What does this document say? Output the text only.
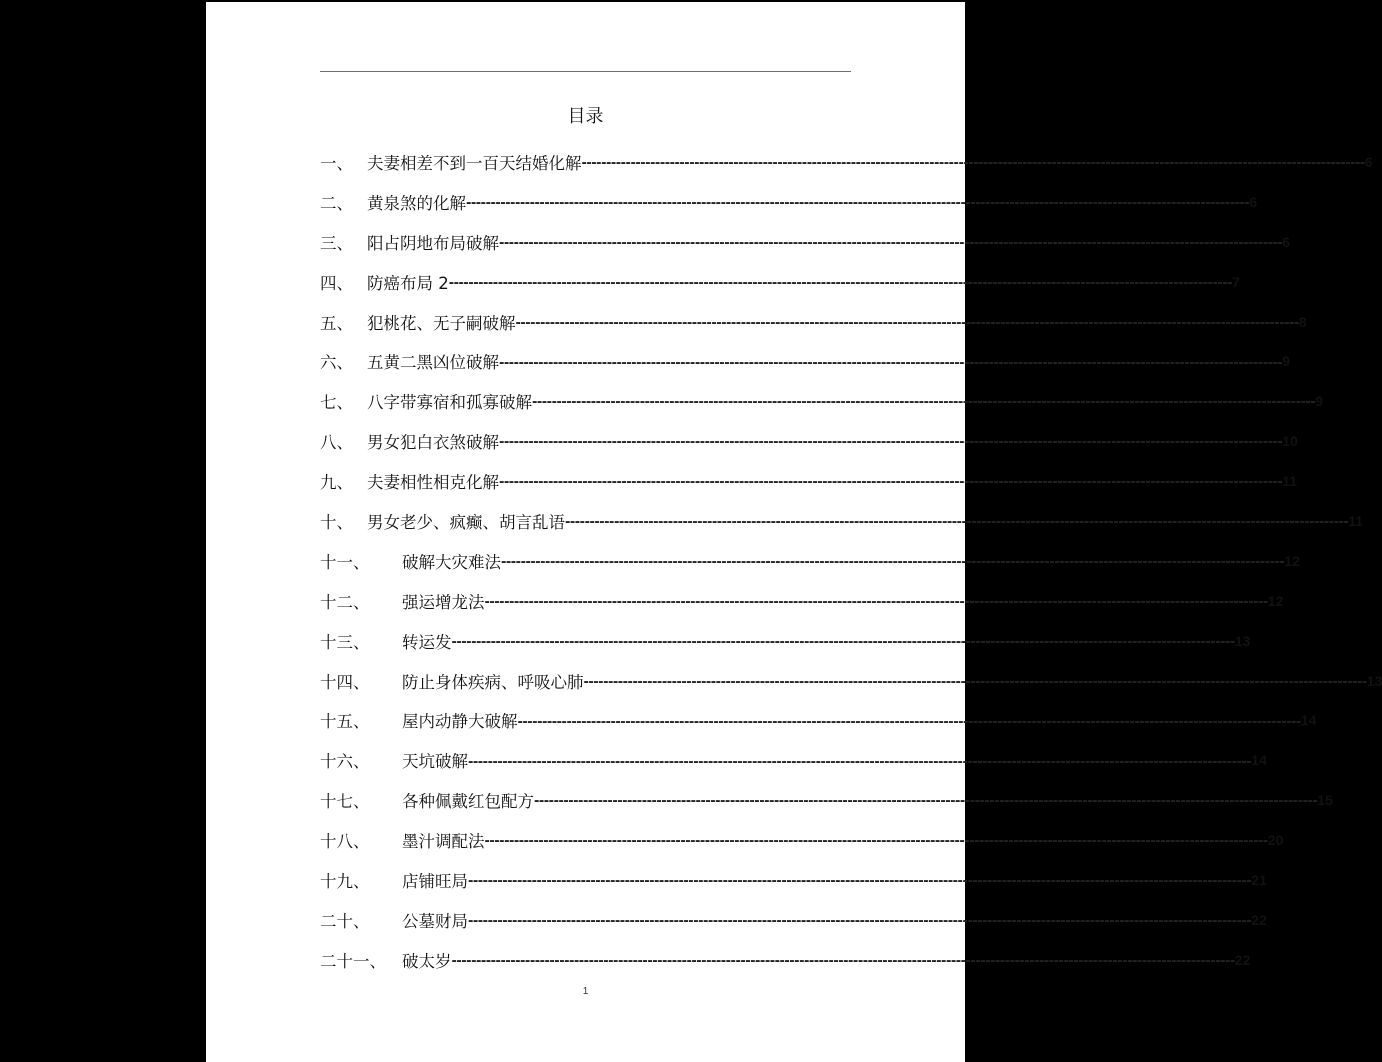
目录
一、 夫妻相差不到一百天结婚化解 ---------------------------------------------------------------------------------------------------------------------------------------------------------------- 6
二、 黄泉煞的化解 ---------------------------------------------------------------------------------------------------------------------------------------------------------------- 6
三、 阳占阴地布局破解 ---------------------------------------------------------------------------------------------------------------------------------------------------------------- 6
四、 防癌布局 2 ---------------------------------------------------------------------------------------------------------------------------------------------------------------- 7
五、 犯桃花、无子嗣破解 ---------------------------------------------------------------------------------------------------------------------------------------------------------------- 8
六、 五黄二黑凶位破解 ---------------------------------------------------------------------------------------------------------------------------------------------------------------- 9
七、 八字带寡宿和孤寡破解 ---------------------------------------------------------------------------------------------------------------------------------------------------------------- 9
八、 男女犯白衣煞破解 ---------------------------------------------------------------------------------------------------------------------------------------------------------------- 10
九、 夫妻相性相克化解 ---------------------------------------------------------------------------------------------------------------------------------------------------------------- 11
十、 男女老少、疯癫、胡言乱语 ---------------------------------------------------------------------------------------------------------------------------------------------------------------- 11
十一、	破解大灾难法 ---------------------------------------------------------------------------------------------------------------------------------------------------------------- 12
十二、	强运增龙法 ---------------------------------------------------------------------------------------------------------------------------------------------------------------- 12
十三、	转运发 ---------------------------------------------------------------------------------------------------------------------------------------------------------------- 13
十四、	防止身体疾病、呼吸心肺 ---------------------------------------------------------------------------------------------------------------------------------------------------------------- 13
十五、	屋内动静大破解 ---------------------------------------------------------------------------------------------------------------------------------------------------------------- 14
十六、	天坑破解 ---------------------------------------------------------------------------------------------------------------------------------------------------------------- 14
十七、	各种佩戴红包配方 ---------------------------------------------------------------------------------------------------------------------------------------------------------------- 15
十八、	墨汁调配法 ---------------------------------------------------------------------------------------------------------------------------------------------------------------- 20
十九、	店铺旺局 ---------------------------------------------------------------------------------------------------------------------------------------------------------------- 21
二十、	公墓财局 ---------------------------------------------------------------------------------------------------------------------------------------------------------------- 22
二十一、 破太岁 ---------------------------------------------------------------------------------------------------------------------------------------------------------------- 22
1
